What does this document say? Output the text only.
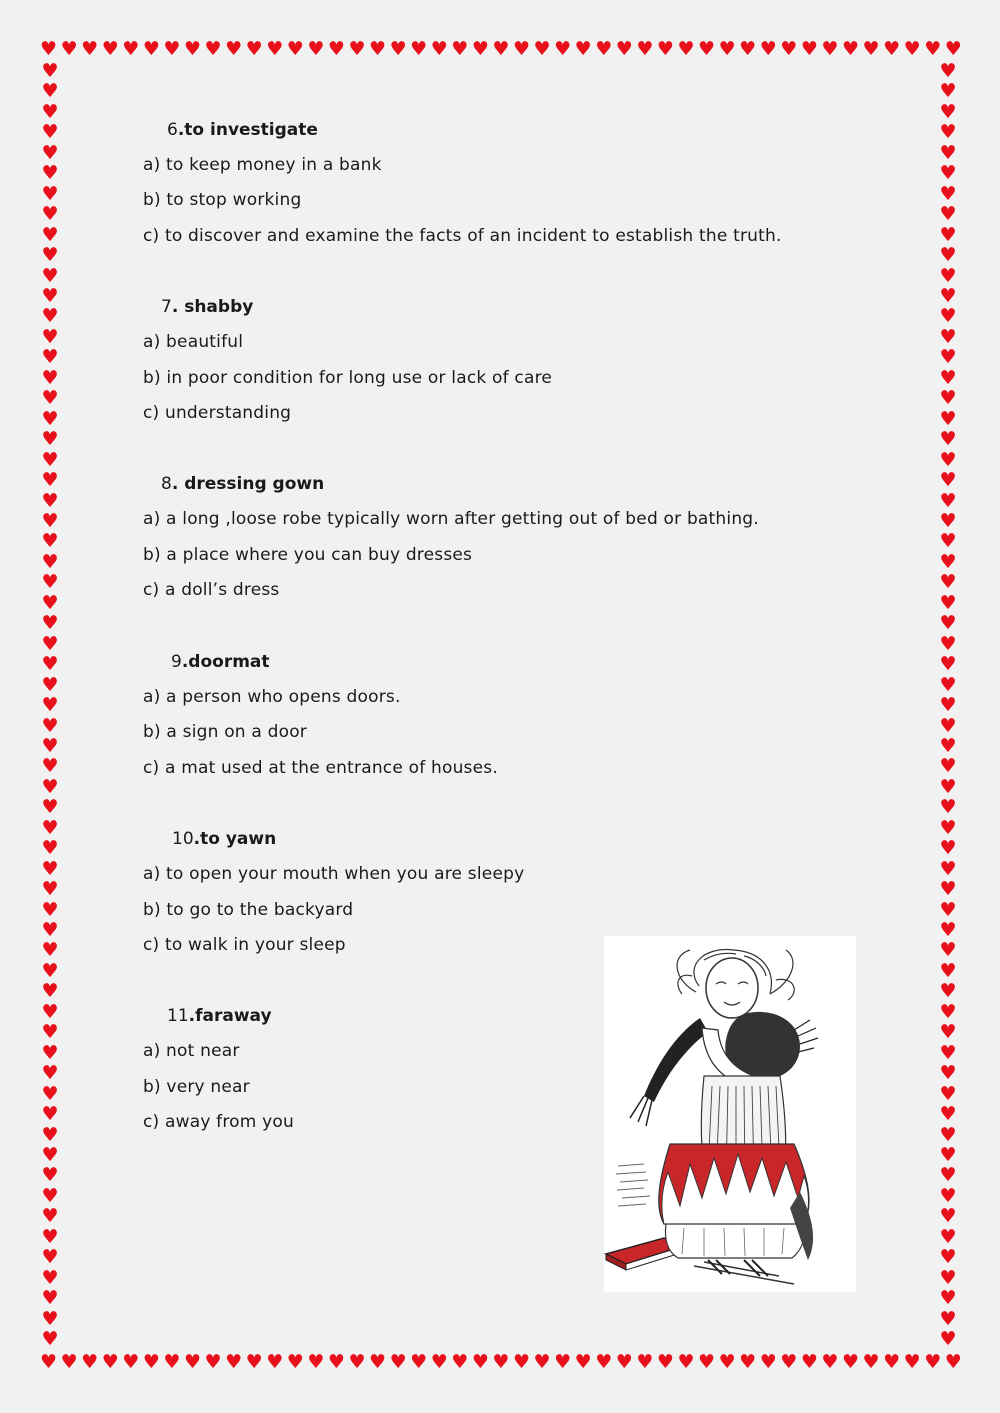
♥ ♥ ♥ ♥ ♥ ♥ ♥ ♥ ♥ ♥ ♥ ♥ ♥ ♥ ♥ ♥ ♥ ♥ ♥ ♥ ♥ ♥ ♥ ♥ ♥ ♥ ♥ ♥ ♥ ♥ ♥ ♥ ♥ ♥ ♥ ♥ ♥ ♥ ♥ ♥ ♥ ♥ ♥ ♥ ♥
♥ ♥ ♥ ♥ ♥ ♥ ♥ ♥ ♥ ♥ ♥ ♥ ♥ ♥ ♥ ♥ ♥ ♥ ♥ ♥ ♥ ♥ ♥ ♥ ♥ ♥ ♥ ♥ ♥ ♥ ♥ ♥ ♥ ♥ ♥ ♥ ♥ ♥ ♥ ♥ ♥ ♥ ♥ ♥ ♥
♥
♥
♥
♥
♥
♥
♥
♥
♥
♥
♥
♥
♥
♥
♥
♥
♥
♥
♥
♥
♥
♥
♥
♥
♥
♥
♥
♥
♥
♥
♥
♥
♥
♥
♥
♥
♥
♥
♥
♥
♥
♥
♥
♥
♥
♥
♥
♥
♥
♥
♥
♥
♥
♥
♥
♥
♥
♥
♥
♥
♥
♥
♥
♥
♥
♥
♥
♥
♥
♥
♥
♥
♥
♥
♥
♥
♥
♥
♥
♥
♥
♥
♥
♥
♥
♥
♥
♥
♥
♥
♥
♥
♥
♥
♥
♥
♥
♥
♥
♥
♥
♥
♥
♥
♥
♥
♥
♥
♥
♥
♥
♥
♥
♥
♥
♥
♥
♥
♥
♥
♥
♥
♥
♥
♥
♥
6.to investigate
a) to keep money in a bank
b) to stop working
c) to discover and examine the facts of an incident to establish the truth.
7. shabby
a) beautiful
b) in poor condition for long use or lack of care
c) understanding
8. dressing gown
a) a long ,loose robe typically worn after getting out of bed or bathing.
b) a place where you can buy dresses
c) a doll’s dress
9.doormat
a) a person who opens doors.
b) a sign on a door
c) a mat used at the entrance of houses.
10.to yawn
a) to open your mouth when you are sleepy
b) to go to the backyard
c) to walk in your sleep
11.faraway
a) not near
b) very near
c) away from you
